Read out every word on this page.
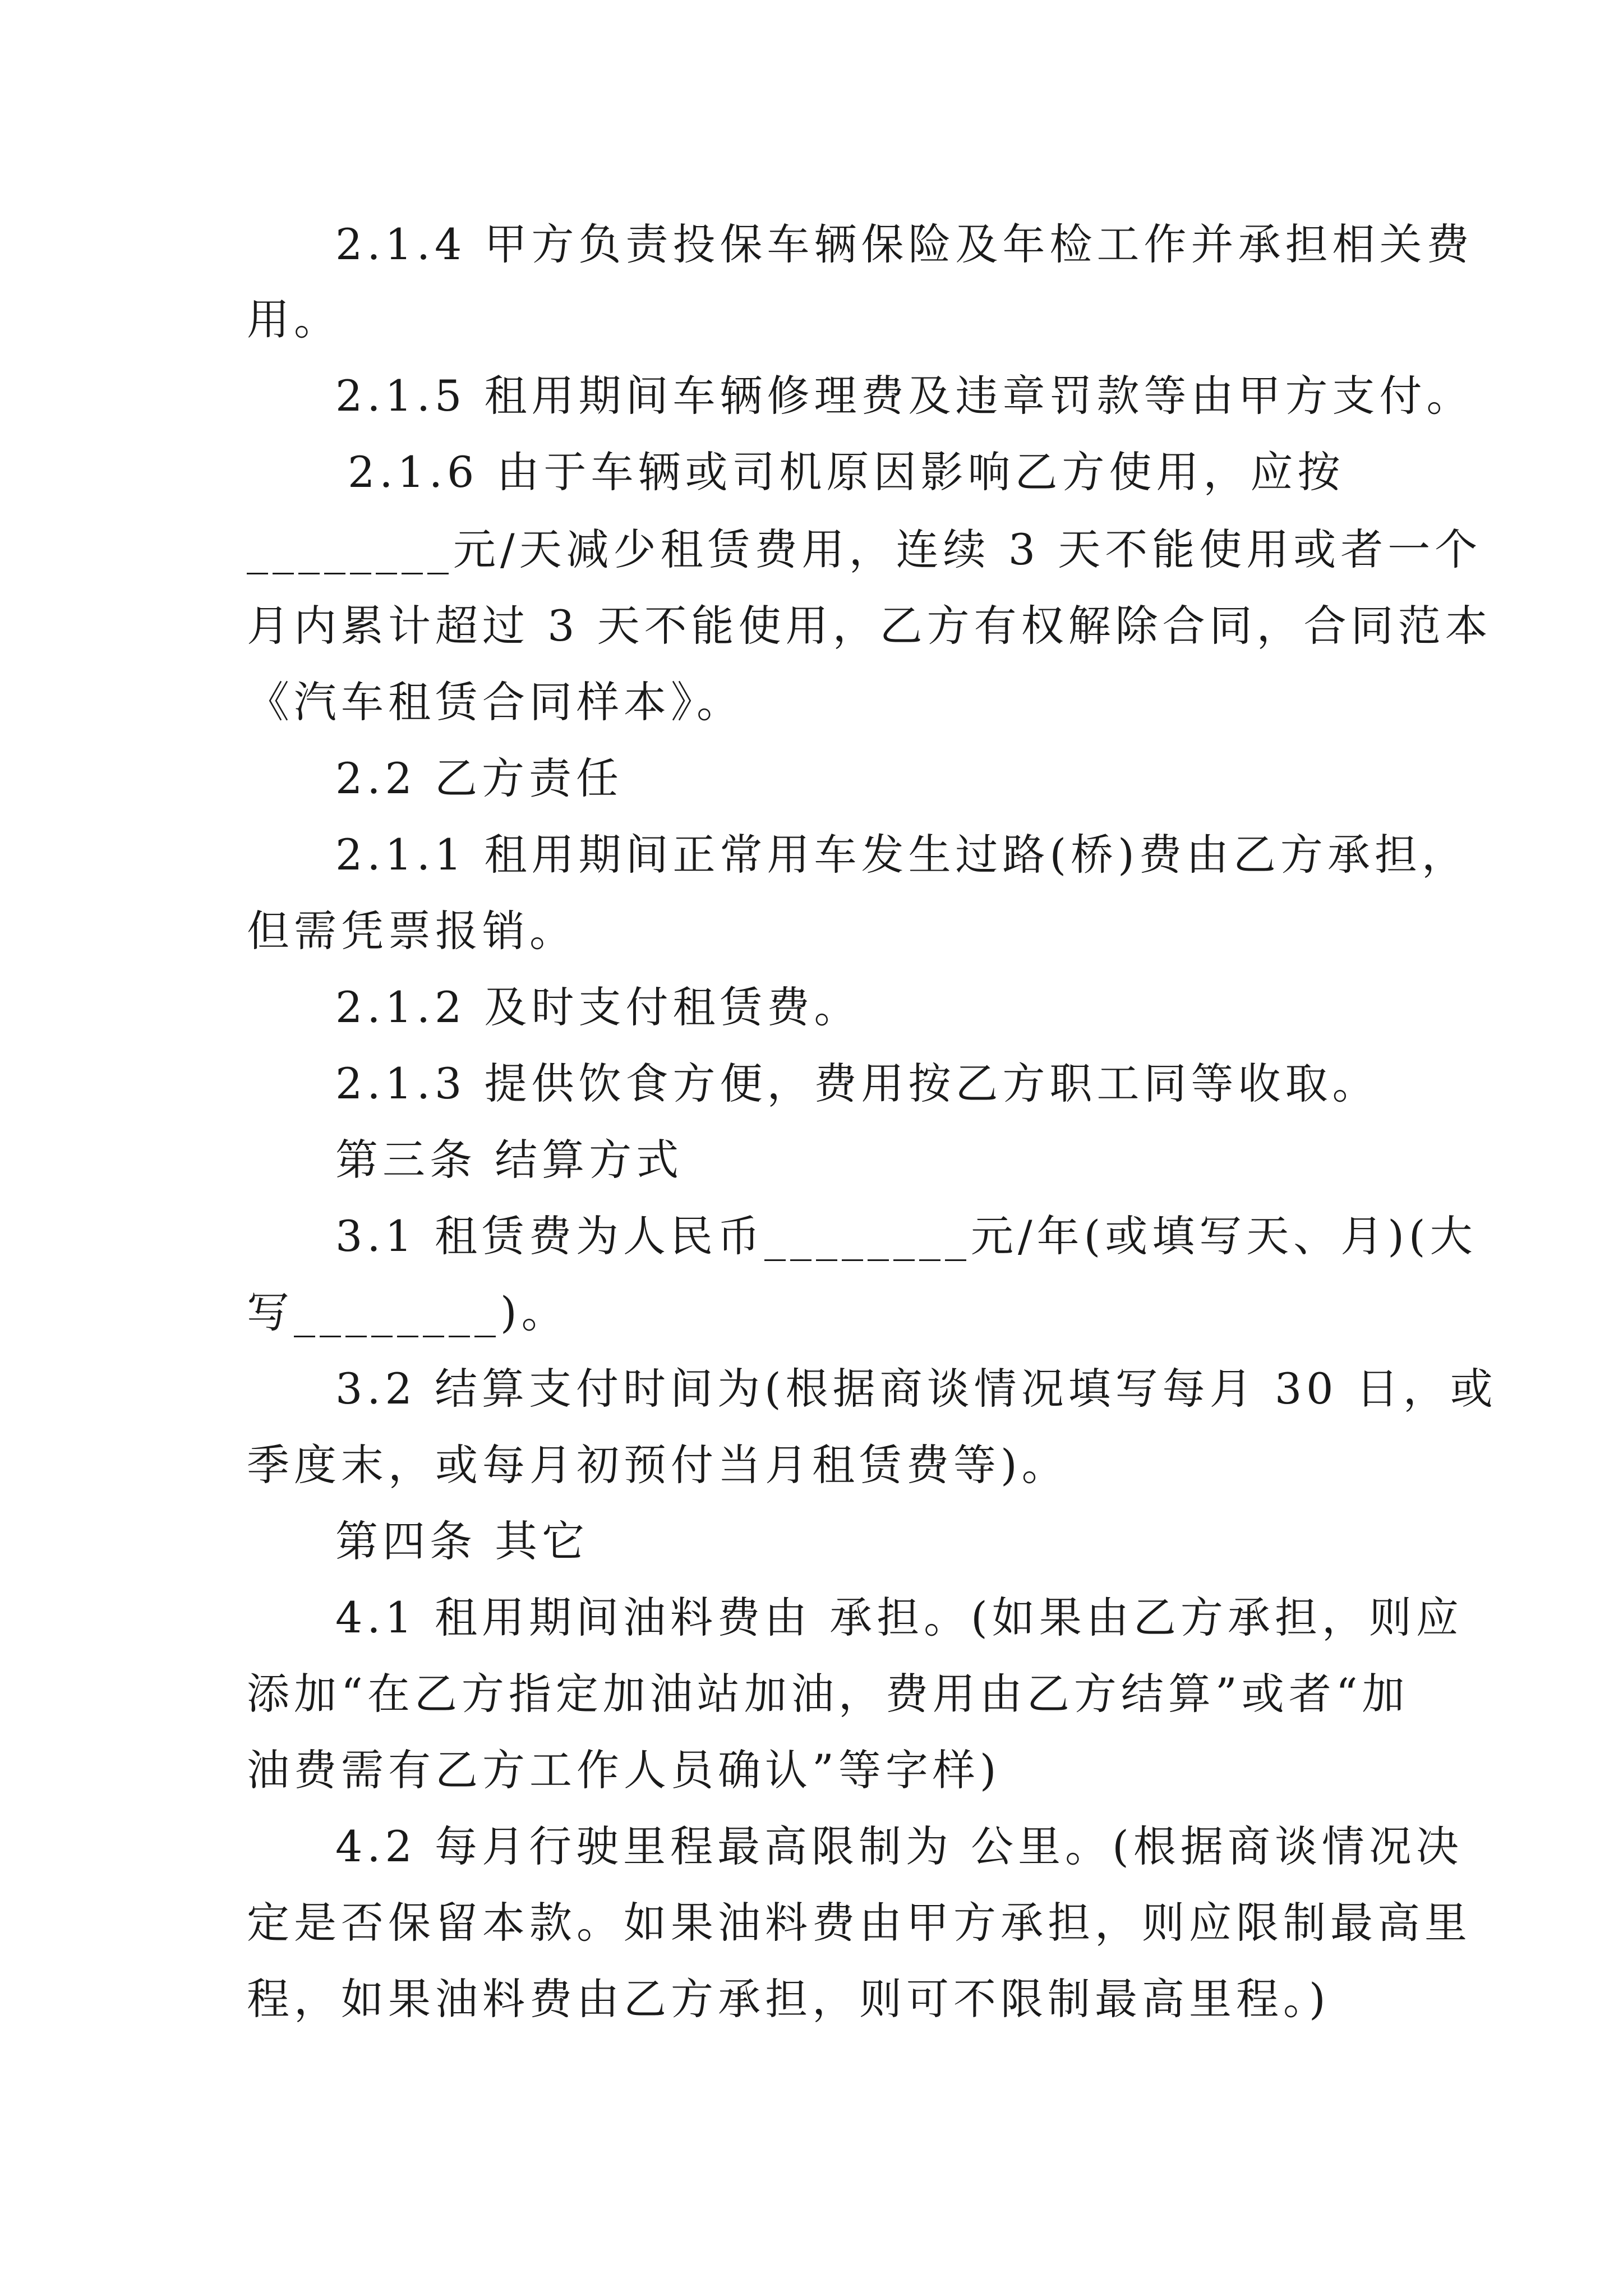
2.1.4 甲方负责投保车辆保险及年检工作并承担相关费
用。
2.1.5 租用期间车辆修理费及违章罚款等由甲方支付。
2.1.6 由于车辆或司机原因影响乙方使用，应按
________元/天减少租赁费用，连续 3 天不能使用或者一个
月内累计超过 3 天不能使用，乙方有权解除合同，合同范本
《汽车租赁合同样本》。
2.2 乙方责任
2.1.1 租用期间正常用车发生过路(桥)费由乙方承担，
但需凭票报销。
2.1.2 及时支付租赁费。
2.1.3 提供饮食方便，费用按乙方职工同等收取。
第三条 结算方式
3.1 租赁费为人民币________元/年(或填写天、月)(大
写________)。
3.2 结算支付时间为(根据商谈情况填写每月 30 日，或
季度末，或每月初预付当月租赁费等)。
第四条 其它
4.1 租用期间油料费由 承担。(如果由乙方承担，则应
添加“在乙方指定加油站加油，费用由乙方结算”或者“加
油费需有乙方工作人员确认”等字样)
4.2 每月行驶里程最高限制为 公里。(根据商谈情况决
定是否保留本款。如果油料费由甲方承担，则应限制最高里
程，如果油料费由乙方承担，则可不限制最高里程。)
